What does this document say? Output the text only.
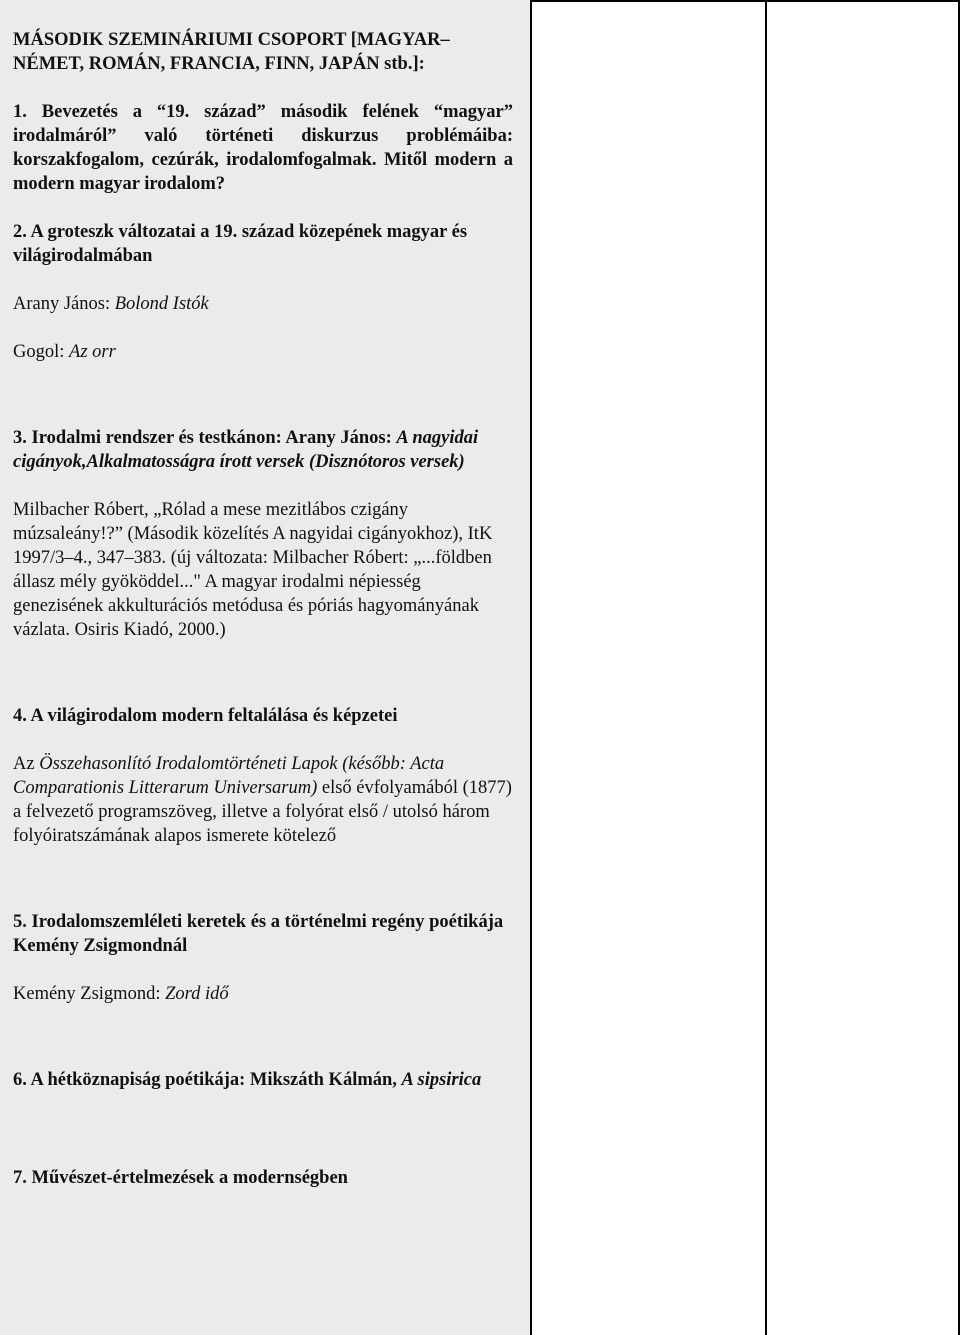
MÁSODIK SZEMINÁRIUMI CSOPORT [MAGYAR– NÉMET, ROMÁN, FRANCIA, FINN, JAPÁN stb.]:

1. Bevezetés a “19. század” második felének “magyar” irodalmáról” való történeti diskurzus problémáiba: korszakfogalom, cezúrák, irodalomfogalmak. Mitől modern a modern magyar irodalom?

2. A groteszk változatai a 19. század közepének magyar és világirodalmában

Arany János: Bolond Istók

Gogol: Az orr

3. Irodalmi rendszer és testkánon: Arany János: A nagyidai cigányok,Alkalmatosságra írott versek (Disznótoros versek)

Milbacher Róbert, „Rólad a mese mezitlábos czigány múzsaleány!?” (Második közelítés A nagyidai cigányokhoz), ItK 1997/3–4., 347–383. (új változata: Milbacher Róbert: „...földben állasz mély gyököddel..." A magyar irodalmi népiesség genezisének akkulturációs metódusa és póriás hagyományának vázlata. Osiris Kiadó, 2000.)

4. A világirodalom modern feltalálása és képzetei

Az Összehasonlító Irodalomtörténeti Lapok (később: Acta Comparationis Litterarum Universarum) első évfolyamából (1877) a felvezető programszöveg, illetve a folyórat első / utolsó három folyóiratszámának alapos ismerete kötelező

5. Irodalomszemléleti keretek és a történelmi regény poétikája Kemény Zsigmondnál

Kemény Zsigmond: Zord idő

6. A hétköznapiság poétikája: Mikszáth Kálmán, A sipsirica

7. Művészet-értelmezések a modernségben
